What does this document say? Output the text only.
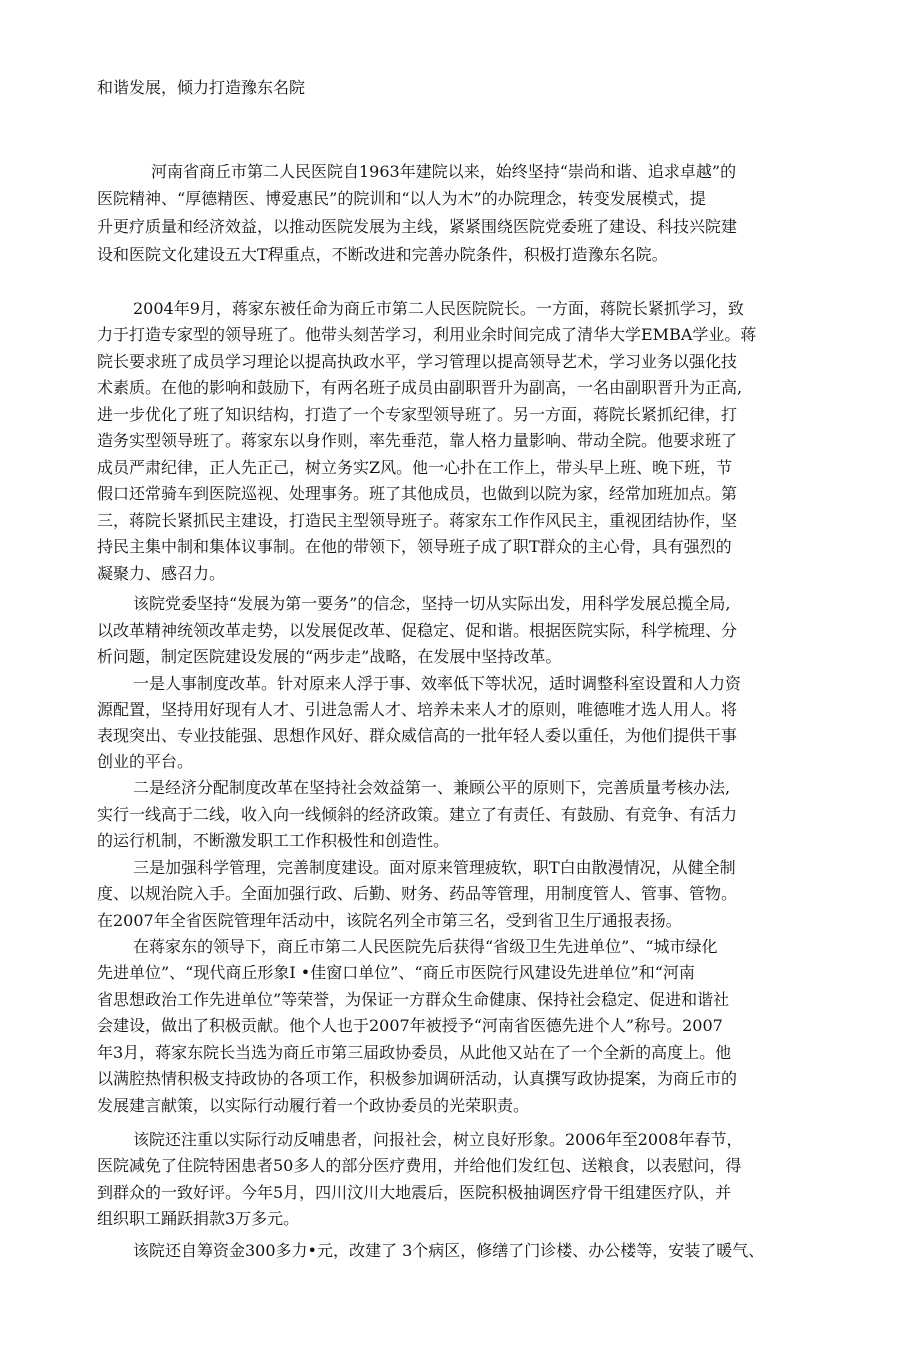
和谐发展，倾力打造豫东名院
河南省商丘市第二人民医院自1963年建院以来，始终坚持“崇尚和谐、追求卓越”的
医院精神、“厚德精医、博爱惠民”的院训和“以人为木”的办院理念，转变发展模式，提
升更疗质量和经济效益，以推动医院发展为主线，紧紧围绕医院党委班了建设、科技兴院建
设和医院文化建设五大T稈重点，不断改进和完善办院条件，积极打造豫东名院。
2004年9月，蒋家东被任命为商丘市第二人民医院院长。一方面，蒋院长紧抓学习，致
力于打造专家型的领导班了。他带头刻苦学习，利用业余时间完成了清华大学EMBA学业。蒋
院长要求班了成员学习理论以提高执政水平，学习管理以提高领导艺术，学习业务以强化技
术素质。在他的影响和鼓励下，有两名班子成员由副职晋升为副高，一名由副职晋升为正高,
进一步优化了班了知识结构，打造了一个专家型领导班了。另一方面，蒋院长紧抓纪律，打
造务实型领导班了。蒋家东以身作则，率先垂范，靠人格力量影响、带动全院。他要求班了
成员严肃纪律，正人先正己，树立务实Z风。他一心扑在工作上，带头早上班、晚下班，节
假口还常骑车到医院巡视、处理事务。班了其他成员，也做到以院为家，经常加班加点。第
三，蒋院长紧抓民主建设，打造民主型领导班子。蒋家东工作作风民主，重视团结协作，坚
持民主集中制和集体议事制。在他的带领下，领导班子成了职T群众的主心骨，具有强烈的
凝聚力、感召力。
该院党委坚持“发展为第一要务”的信念，坚持一切从实际出发，用科学发展总揽全局,
以改革精神统领改革走势，以发展促改革、促稳定、促和谐。根据医院实际，科学梳理、分
析问题，制定医院建设发展的“两步走”战略，在发展中坚持改革。
一是人事制度改革。针对原来人浮于事、效率低下等状况，适时调整科室设置和人力资
源配置，坚持用好现有人才、引进急需人才、培养未来人才的原则，唯德唯才选人用人。将
表现突出、专业技能强、思想作风好、群众威信高的一批年轻人委以重任，为他们提供干事
创业的平台。
二是经济分配制度改革在坚持社会效益第一、兼顾公平的原则下，完善质量考核办法,
实行一线高于二线，收入向一线倾斜的经济政策。建立了有责任、有鼓励、有竞争、有活力
的运行机制，不断激发职工工作积极性和创造性。
三是加强科学管理，完善制度建设。面对原来管理疲软，职T白由散漫情况，从健全制
度、以规治院入手。全面加强行政、后勤、财务、药品等管理，用制度管人、管事、管物。
在2007年全省医院管理年活动中，该院名列全市第三名，受到省卫生厅通报表扬。
在蒋家东的领导下，商丘市第二人民医院先后获得“省级卫生先进单位”、“城市绿化
先进单位”、“现代商丘形象I •佳窗口单位”、“商丘市医院行风建设先进单位”和“河南
省思想政治工作先进单位”等荣誉，为保证一方群众生命健康、保持社会稳定、促进和谐社
会建设，做出了积极贡献。他个人也于2007年被授予“河南省医德先进个人”称号。2007
年3月，蒋家东院长当选为商丘市第三届政协委员，从此他又站在了一个全新的高度上。他
以满腔热情积极支持政协的各项工作，积极参加调研活动，认真撰写政协提案，为商丘市的
发展建言献策，以实际行动履行着一个政协委员的光荣职责。
该院还注重以实际行动反哺患者，问报社会，树立良好形象。2006年至2008年春节，
医院减免了住院特困患者50多人的部分医疗费用，并给他们发红包、送粮食，以表慰问，得
到群众的一致好评。今年5月，四川汶川大地震后，医院积极抽调医疗骨干组建医疗队，并
组织职工踊跃捐款3万多元。
该院还自筹资金300多力•元，改建了 3个病区，修缮了门诊楼、办公楼等，安装了暖气、
